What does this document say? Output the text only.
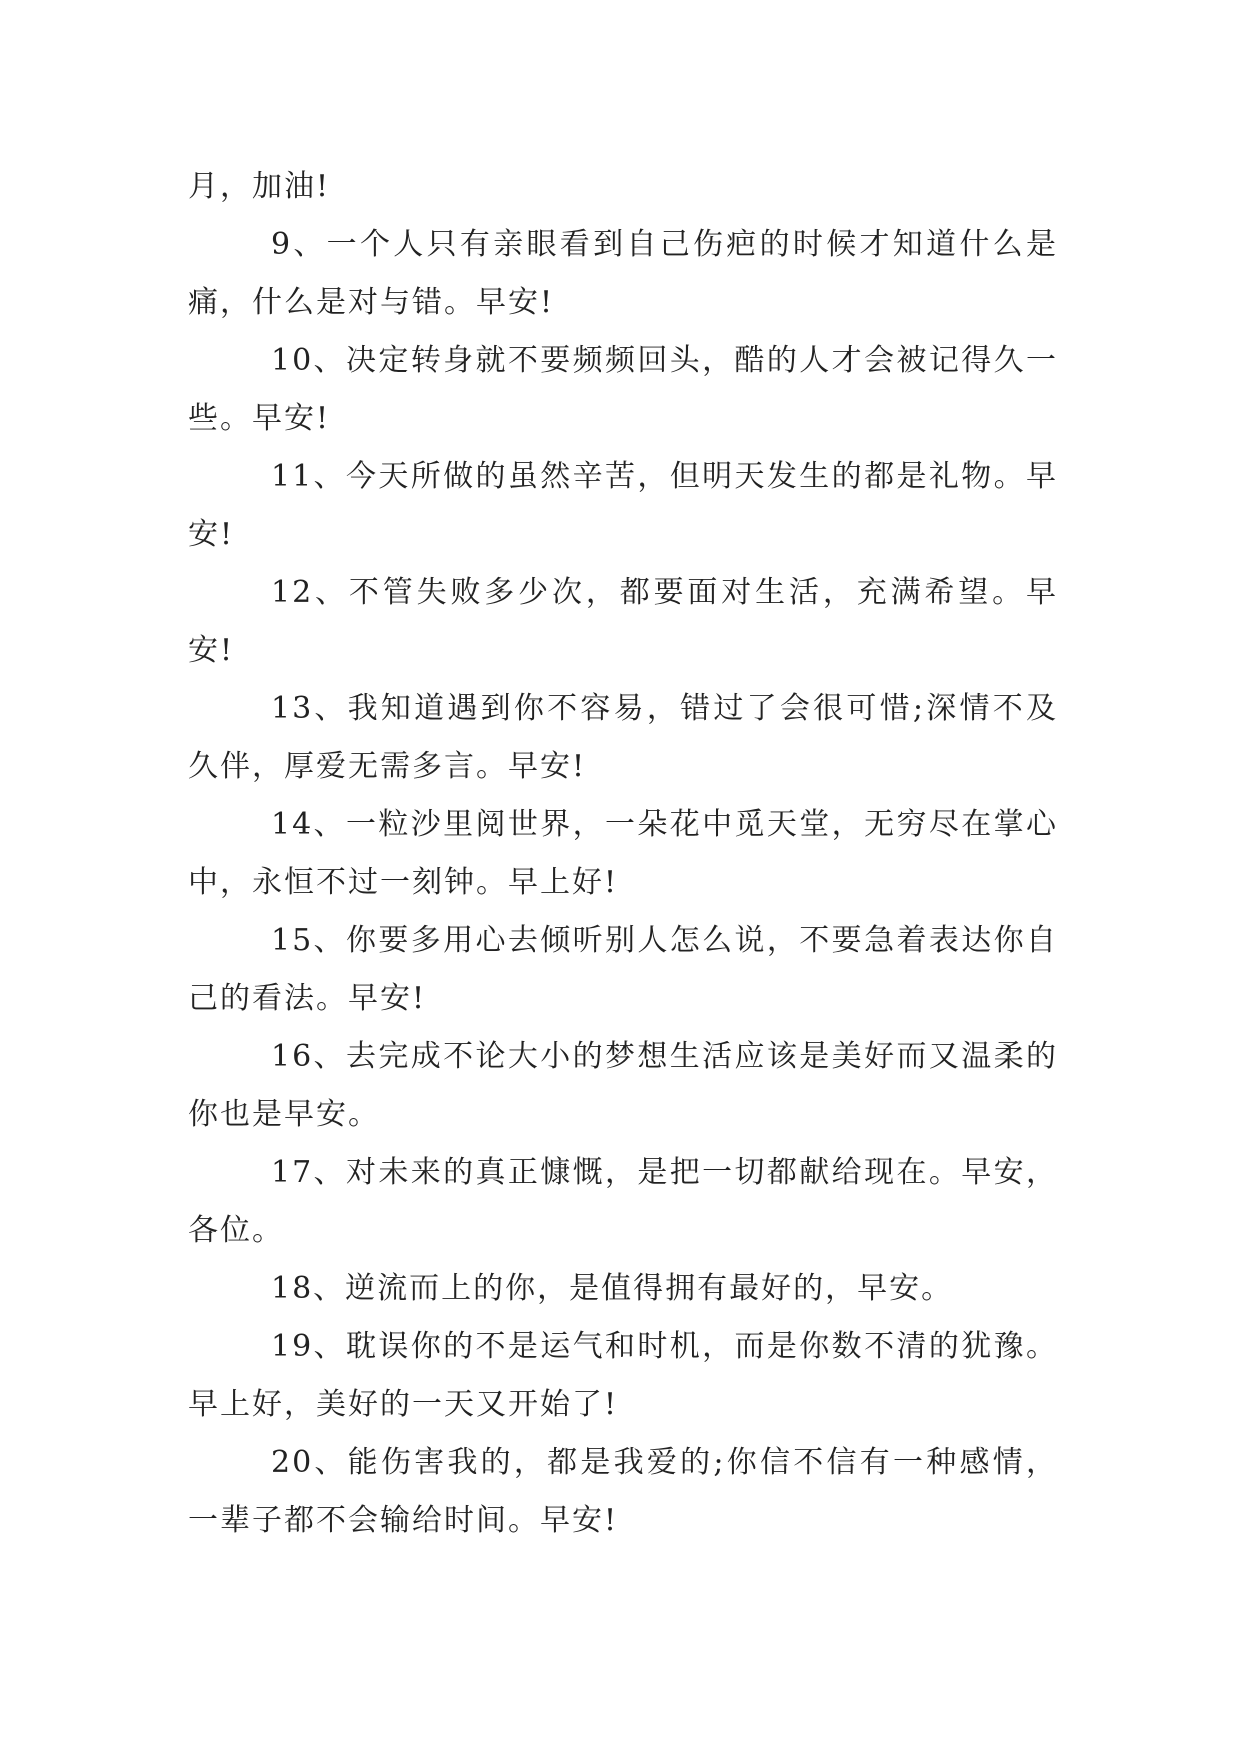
月，加油!

9、一个人只有亲眼看到自己伤疤的时候才知道什么是痛，什么是对与错。早安!

10、决定转身就不要频频回头，酷的人才会被记得久一些。早安!

11、今天所做的虽然辛苦，但明天发生的都是礼物。早安!

12、不管失败多少次，都要面对生活，充满希望。早安!

13、我知道遇到你不容易，错过了会很可惜;深情不及久伴，厚爱无需多言。早安!

14、一粒沙里阅世界，一朵花中觅天堂，无穷尽在掌心中，永恒不过一刻钟。早上好!

15、你要多用心去倾听别人怎么说，不要急着表达你自己的看法。早安!

16、去完成不论大小的梦想生活应该是美好而又温柔的你也是早安。

17、对未来的真正慷慨，是把一切都献给现在。早安，各位。

18、逆流而上的你，是值得拥有最好的，早安。

19、耽误你的不是运气和时机，而是你数不清的犹豫。早上好，美好的一天又开始了!

20、能伤害我的，都是我爱的;你信不信有一种感情，一辈子都不会输给时间。早安!
